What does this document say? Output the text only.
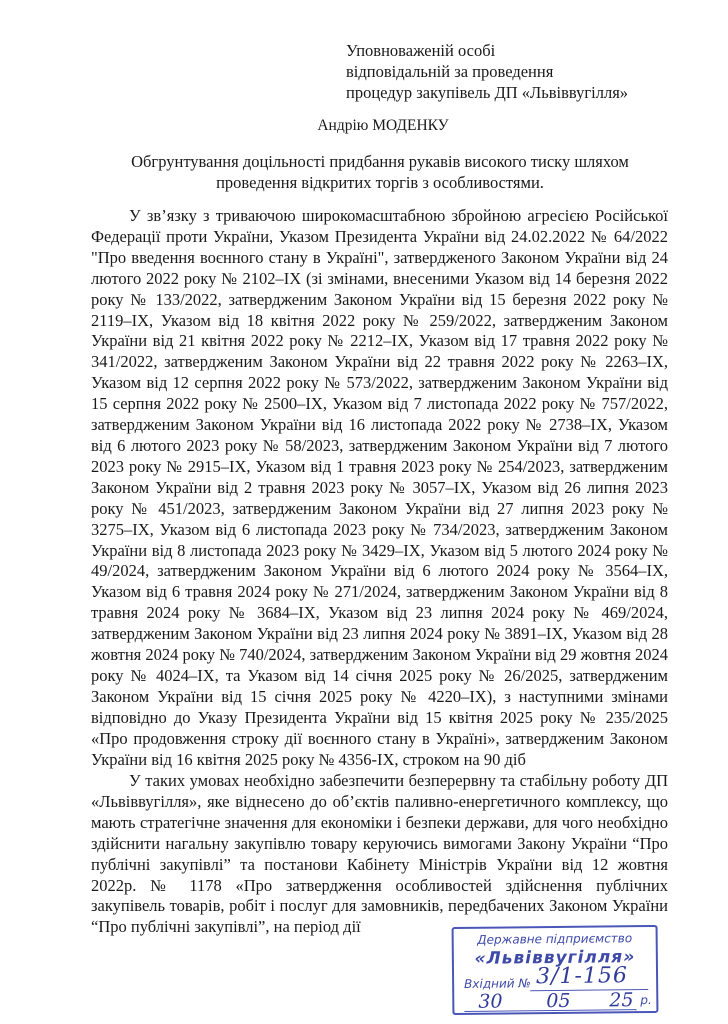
Уповноваженій особі
відповідальній за проведення
процедур закупівель ДП «Львіввугілля»
Андрію МОДЕНКУ
Обгрунтування доцільності придбання рукавів високого тиску шляхом
проведення відкритих торгів з особливостями.
У зв’язку з триваючою широкомасштабною збройною агресією Російської Федерації проти України, Указом Президента України від 24.02.2022 № 64/2022 "Про введення воєнного стану в Україні", затвердженого Законом України від 24 лютого 2022 року № 2102–IX (зі змінами, внесеними Указом від 14 березня 2022 року № 133/2022, затвердженим Законом України від 15 березня 2022 року № 2119–IX, Указом від 18 квітня 2022 року № 259/2022, затвердженим Законом України від 21 квітня 2022 року № 2212–IX, Указом від 17 травня 2022 року № 341/2022, затвердженим Законом України від 22 травня 2022 року № 2263–IX, Указом від 12 серпня 2022 року № 573/2022, затвердженим Законом України від 15 серпня 2022 року № 2500–IX, Указом від 7 листопада 2022 року № 757/2022, затвердженим Законом України від 16 листопада 2022 року № 2738–IX, Указом від 6 лютого 2023 року № 58/2023, затвердженим Законом України від 7 лютого 2023 року № 2915–IX, Указом від 1 травня 2023 року № 254/2023, затвердженим Законом України від 2 травня 2023 року № 3057–IX, Указом від 26 липня 2023 року № 451/2023, затвердженим Законом України від 27 липня 2023 року № 3275–IX, Указом від 6 листопада 2023 року № 734/2023, затвердженим Законом України від 8 листопада 2023 року № 3429–IX, Указом від 5 лютого 2024 року № 49/2024, затвердженим Законом України від 6 лютого 2024 року № 3564–IX, Указом від 6 травня 2024 року № 271/2024, затвердженим Законом України від 8 травня 2024 року № 3684–IX, Указом від 23 липня 2024 року № 469/2024, затвердженим Законом України від 23 липня 2024 року № 3891–IX, Указом від 28 жовтня 2024 року № 740/2024, затвердженим Законом України від 29 жовтня 2024 року № 4024–IX, та Указом від 14 січня 2025 року № 26/2025, затвердженим Законом України від 15 січня 2025 року № 4220–IX), з наступними змінами відповідно до Указу Президента України від 15 квітня 2025 року № 235/2025 «Про продовження строку дії воєнного стану в Україні», затвердженим Законом України від 16 квітня 2025 року № 4356-IX, строком на 90 діб
У таких умовах необхідно забезпечити безперервну та стабільну роботу ДП «Львіввугілля», яке віднесено до об’єктів паливно-енергетичного комплексу, що мають стратегічне значення для економіки і безпеки держави, для чого необхідно здійснити нагальну закупівлю товару керуючись вимогами Закону України “Про публічні закупівлі” та постанови Кабінету Міністрів України від 12 жовтня 2022р. № 1178 «Про затвердження особливостей здійснення публічних закупівель товарів, робіт і послуг для замовників, передбачених Законом України “Про публічні закупівлі”, на період дії
Державне підприємство
«Львіввугілля»
Вхідний № 3/1-156
30 05 25 р.
